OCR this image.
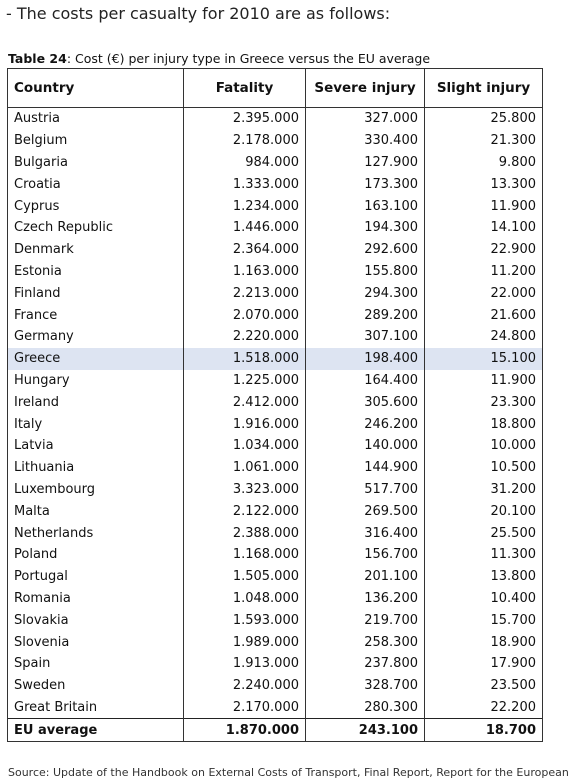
- The costs per casualty for 2010 are as follows:
Table 24: Cost (€) per injury type in Greece versus the EU average
Country	Fatality	Severe injury	Slight injury
Austria	2.395.000	327.000	25.800
Belgium	2.178.000	330.400	21.300
Bulgaria	984.000	127.900	9.800
Croatia	1.333.000	173.300	13.300
Cyprus	1.234.000	163.100	11.900
Czech Republic	1.446.000	194.300	14.100
Denmark	2.364.000	292.600	22.900
Estonia	1.163.000	155.800	11.200
Finland	2.213.000	294.300	22.000
France	2.070.000	289.200	21.600
Germany	2.220.000	307.100	24.800
Greece	1.518.000	198.400	15.100
Hungary	1.225.000	164.400	11.900
Ireland	2.412.000	305.600	23.300
Italy	1.916.000	246.200	18.800
Latvia	1.034.000	140.000	10.000
Lithuania	1.061.000	144.900	10.500
Luxembourg	3.323.000	517.700	31.200
Malta	2.122.000	269.500	20.100
Netherlands	2.388.000	316.400	25.500
Poland	1.168.000	156.700	11.300
Portugal	1.505.000	201.100	13.800
Romania	1.048.000	136.200	10.400
Slovakia	1.593.000	219.700	15.700
Slovenia	1.989.000	258.300	18.900
Spain	1.913.000	237.800	17.900
Sweden	2.240.000	328.700	23.500
Great Britain	2.170.000	280.300	22.200
EU average	1.870.000	243.100	18.700
Source: Update of the Handbook on External Costs of Transport, Final Report, Report for the European
